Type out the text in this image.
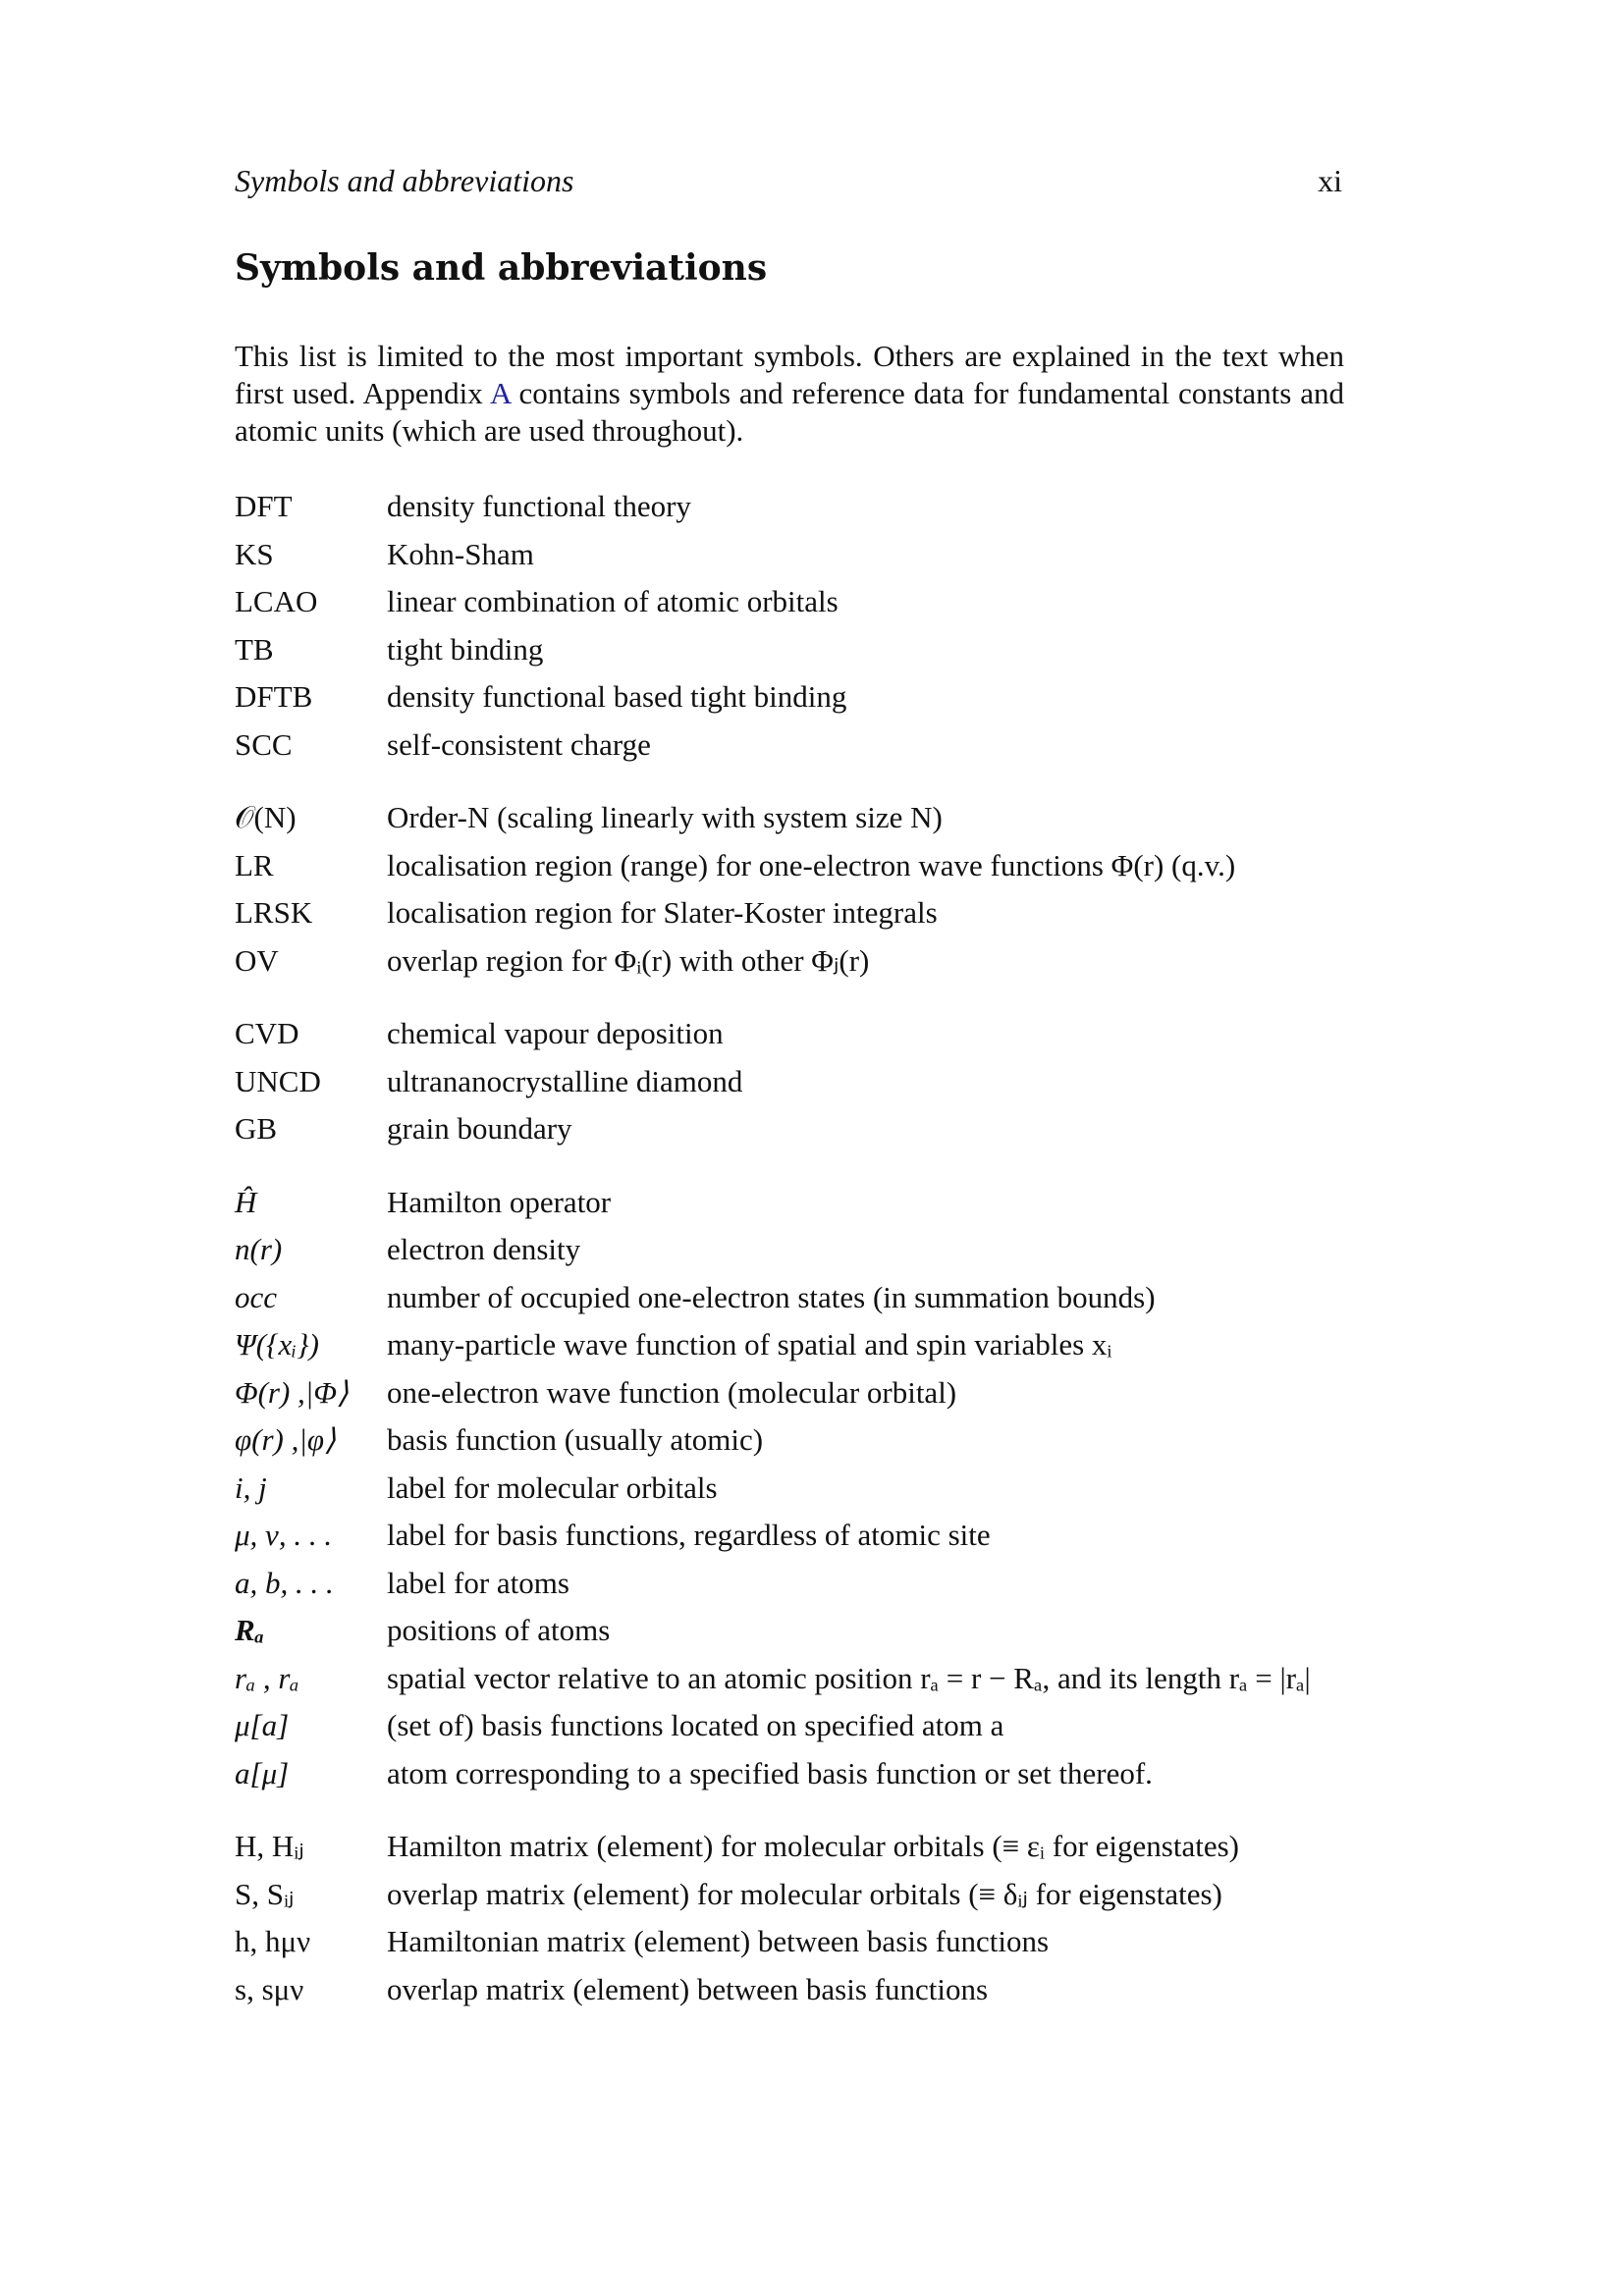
Symbols and abbreviations	xi
Symbols and abbreviations

This list is limited to the most important symbols. Others are explained in the text when first used. Appendix A contains symbols and reference data for fundamental constants and atomic units (which are used throughout).

DFT	density functional theory
KS	Kohn-Sham
LCAO	linear combination of atomic orbitals
TB	tight binding
DFTB	density functional based tight binding
SCC	self-consistent charge
𝒪(N)	Order-N (scaling linearly with system size N)
LR	localisation region (range) for one-electron wave functions Φ(r) (q.v.)
LRSK	localisation region for Slater-Koster integrals
OV	overlap region for Φᵢ(r) with other Φⱼ(r)
CVD	chemical vapour deposition
UNCD	ultrananocrystalline diamond
GB	grain boundary
Ĥ	Hamilton operator
n(r)	electron density
occ	number of occupied one-electron states (in summation bounds)
Ψ({xᵢ})	many-particle wave function of spatial and spin variables xᵢ
Φ(r) ,|Φ⟩	one-electron wave function (molecular orbital)
φ(r) ,|φ⟩	basis function (usually atomic)
i, j	label for molecular orbitals
μ, ν, . . .	label for basis functions, regardless of atomic site
a, b, . . .	label for atoms
Rₐ	positions of atoms
rₐ , rₐ	spatial vector relative to an atomic position rₐ = r − Rₐ, and its length rₐ = |rₐ|
μ[a]	(set of) basis functions located on specified atom a
a[μ]	atom corresponding to a specified basis function or set thereof.
H, Hᵢⱼ	Hamilton matrix (element) for molecular orbitals (≡ εᵢ for eigenstates)
S, Sᵢⱼ	overlap matrix (element) for molecular orbitals (≡ δᵢⱼ for eigenstates)
h, hμν	Hamiltonian matrix (element) between basis functions
s, sμν	overlap matrix (element) between basis functions
